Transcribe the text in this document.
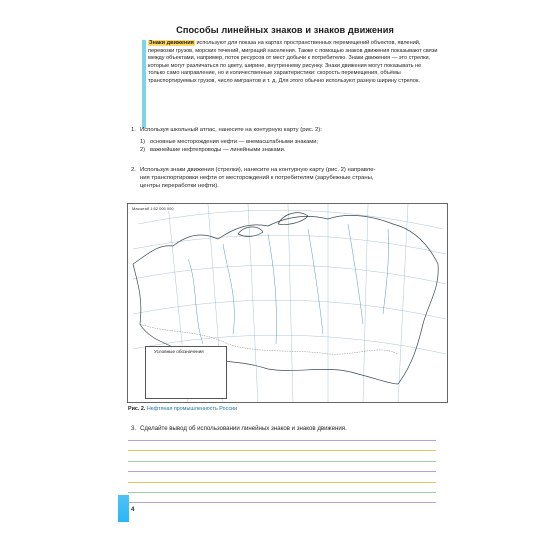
Способы линейных знаков и знаков движения

Знаки движения используют для показа на картах пространственных перемещений объектов, явлений, перевозки грузов, морских течений, миграций населения. Также с помощью знаков движения показывают связи между объектами, например, поток ресурсов от мест добычи к потребителю. Знаки движения — это стрелки, которые могут различаться по цвету, ширине, внутреннему рисунку. Знаки движения могут показывать не только само направление, но и количественные характеристики: скорость перемещения, объёмы транспортируемых грузов, число мигрантов и т. д. Для этого обычно используют разную ширину стрелок.

1. Используя школьный атлас, нанесите на контурную карту (рис. 2):
1) основные месторождения нефти — внемасштабными знаками;
2) важнейшие нефтепроводы — линейными знаками.
2. Используя знаки движения (стрелки), нанесите на контурную карту (рис. 2) направле-
ния транспортировки нефти от месторождений к потребителям (зарубежные страны,
центры переработки нефти).
Масштаб 1:52 000 000
Условные обозначения
Рис. 2. Нефтяная промышленность России
3. Сделайте вывод об использовании линейных знаков и знаков движения.
4
